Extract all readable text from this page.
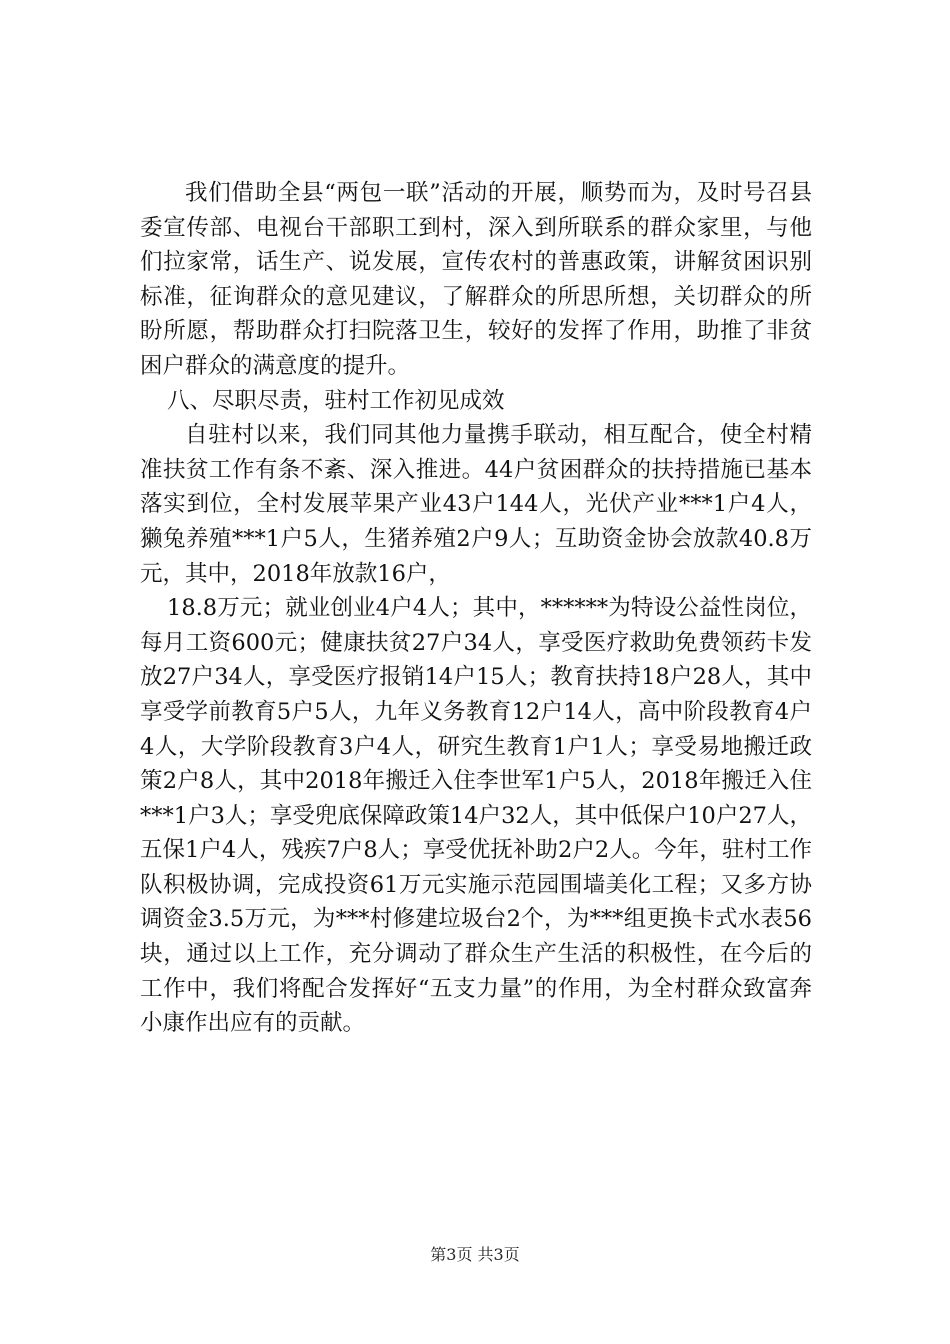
我们借助全县“两包一联”活动的开展，顺势而为，及时号召县委宣传部、电视台干部职工到村，深入到所联系的群众家里，与他们拉家常，话生产、说发展，宣传农村的普惠政策，讲解贫困识别标准，征询群众的意见建议，了解群众的所思所想，关切群众的所盼所愿，帮助群众打扫院落卫生，较好的发挥了作用，助推了非贫困户群众的满意度的提升。

八、尽职尽责，驻村工作初见成效

自驻村以来，我们同其他力量携手联动，相互配合，使全村精准扶贫工作有条不紊、深入推进。44户贫困群众的扶持措施已基本落实到位，全村发展苹果产业43户144人，光伏产业***1户4人，獭兔养殖***1户5人，生猪养殖2户9人；互助资金协会放款40.8万元，其中，2018年放款16户，

18.8万元；就业创业4户4人；其中，******为特设公益性岗位，每月工资600元；健康扶贫27户34人，享受医疗救助免费领药卡发放27户34人，享受医疗报销14户15人；教育扶持18户28人，其中享受学前教育5户5人，九年义务教育12户14人，高中阶段教育4户4人，大学阶段教育3户4人，研究生教育1户1人；享受易地搬迁政策2户8人，其中2018年搬迁入住李世军1户5人，2018年搬迁入住***1户3人；享受兜底保障政策14户32人，其中低保户10户27人，五保1户4人，残疾7户8人；享受优抚补助2户2人。今年，驻村工作队积极协调，完成投资61万元实施示范园围墙美化工程；又多方协调资金3.5万元，为***村修建垃圾台2个，为***组更换卡式水表56块，通过以上工作，充分调动了群众生产生活的积极性，在今后的工作中，我们将配合发挥好“五支力量”的作用，为全村群众致富奔小康作出应有的贡献。

第3页 共3页
